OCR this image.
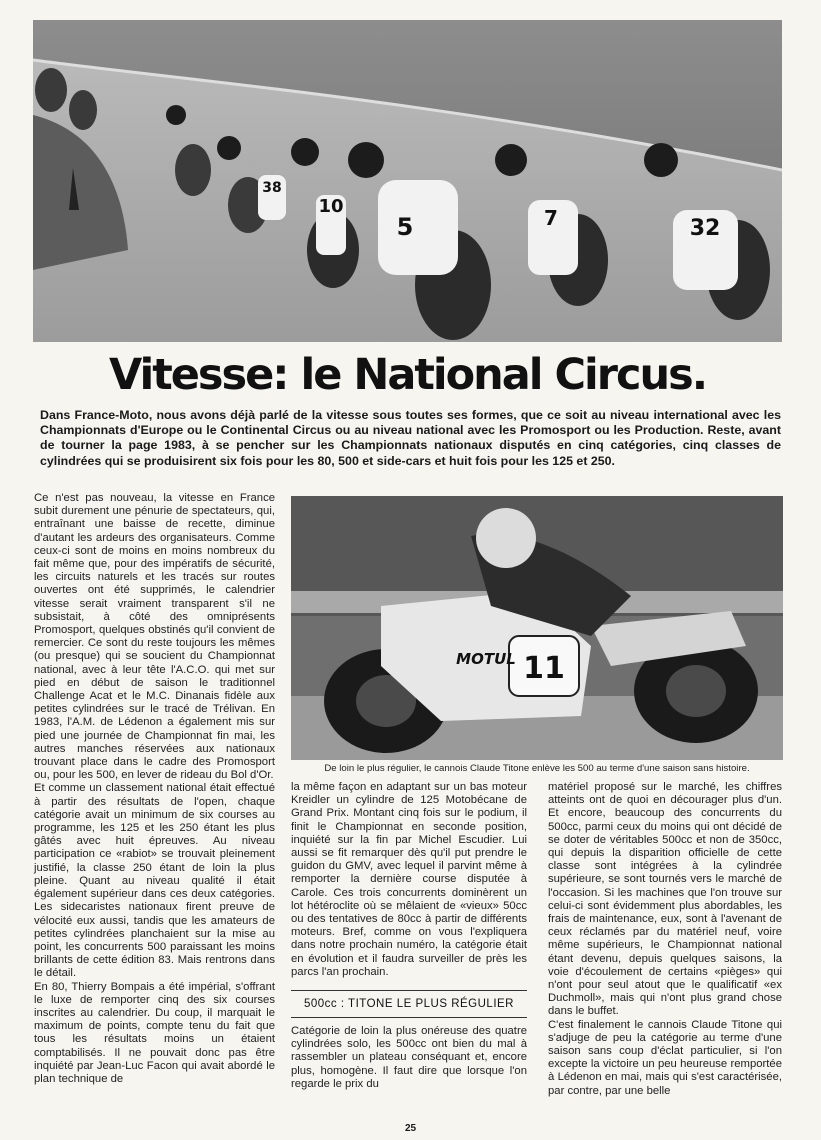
5
10
38
7	32
Vitesse: le National Circus.
Dans France-Moto, nous avons déjà parlé de la vitesse sous toutes ses formes, que ce soit au niveau international avec les Championnats d'Europe ou le Continental Circus ou au niveau national avec les Promosport ou les Production. Reste, avant de tourner la page 1983, à se pencher sur les Championnats nationaux disputés en cinq catégories, cinq classes de cylindrées qui se produisirent six fois pour les 80, 500 et side-cars et huit fois pour les 125 et 250.

Ce n'est pas nouveau, la vitesse en France subit durement une pénurie de spectateurs, qui, entraînant une baisse de recette, diminue d'autant les ardeurs des organisateurs. Comme ceux-ci sont de moins en moins nombreux du fait même que, pour des impératifs de sécurité, les circuits naturels et les tracés sur routes ouvertes ont été supprimés, le calendrier vitesse serait vraiment transparent s'il ne subsistait, à côté des omniprésents Promosport, quelques obstinés qu'il convient de remercier. Ce sont du reste toujours les mêmes (ou presque) qui se soucient du Championnat national, avec à leur tête l'A.C.O. qui met sur pied en début de saison le traditionnel Challenge Acat et le M.C. Dinanais fidèle aux petites cylindrées sur le tracé de Trélivan. En 1983, l'A.M. de Lédenon a également mis sur pied une journée de Championnat fin mai, les autres manches réservées aux nationaux trouvant place dans le cadre des Promosport ou, pour les 500, en lever de rideau du Bol d'Or.

Et comme un classement national était effectué à partir des résultats de l'open, chaque catégorie avait un minimum de six courses au programme, les 125 et les 250 étant les plus gâtés avec huit épreuves. Au niveau participation ce «rabiot» se trouvait pleinement justifié, la classe 250 étant de loin la plus pleine. Quant au niveau qualité il était également supérieur dans ces deux catégories. Les sidecaristes nationaux firent preuve de vélocité eux aussi, tandis que les amateurs de petites cylindrées planchaient sur la mise au point, les concurrents 500 paraissant les moins brillants de cette édition 83. Mais rentrons dans le détail.

En 80, Thierry Bompais a été impérial, s'offrant le luxe de remporter cinq des six courses inscrites au calendrier. Du coup, il marquait le maximum de points, compte tenu du fait que tous les résultats moins un étaient comptabilisés. Il ne pouvait donc pas être inquiété par Jean-Luc Facon qui avait abordé le plan technique de

11
MOTUL
De loin le plus régulier, le cannois Claude Titone enlève les 500 au terme d'une saison sans histoire.

la même façon en adaptant sur un bas moteur Kreidler un cylindre de 125 Motobécane de Grand Prix. Montant cinq fois sur le podium, il finit le Championnat en seconde position, inquiété sur la fin par Michel Escudier. Lui aussi se fit remarquer dès qu'il put prendre le guidon du GMV, avec lequel il parvint même à remporter la dernière course disputée à Carole. Ces trois concurrents dominèrent un lot hétéroclite où se mêlaient de «vieux» 50cc ou des tentatives de 80cc à partir de différents moteurs. Bref, comme on vous l'expliquera dans notre prochain numéro, la catégorie était en évolution et il faudra surveiller de près les parcs l'an prochain.

500cc : TITONE LE PLUS RÉGULIER

Catégorie de loin la plus onéreuse des quatre cylindrées solo, les 500cc ont bien du mal à rassembler un plateau conséquant et, encore plus, homogène. Il faut dire que lorsque l'on regarde le prix du

matériel proposé sur le marché, les chiffres atteints ont de quoi en décourager plus d'un. Et encore, beaucoup des concurrents du 500cc, parmi ceux du moins qui ont décidé de se doter de véritables 500cc et non de 350cc, qui depuis la disparition officielle de cette classe sont intégrées à la cylindrée supérieure, se sont tournés vers le marché de l'occasion. Si les machines que l'on trouve sur celui-ci sont évidemment plus abordables, les frais de maintenance, eux, sont à l'avenant de ceux réclamés par du matériel neuf, voire même supérieurs, le Championnat national étant devenu, depuis quelques saisons, la voie d'écoulement de certains «pièges» qui n'ont pour seul atout que le qualificatif «ex Duchmoll», mais qui n'ont plus grand chose dans le buffet.

C'est finalement le cannois Claude Titone qui s'adjuge de peu la catégorie au terme d'une saison sans coup d'éclat particulier, si l'on excepte la victoire un peu heureuse remportée à Lédenon en mai, mais qui s'est caractérisée, par contre, par une belle

25
